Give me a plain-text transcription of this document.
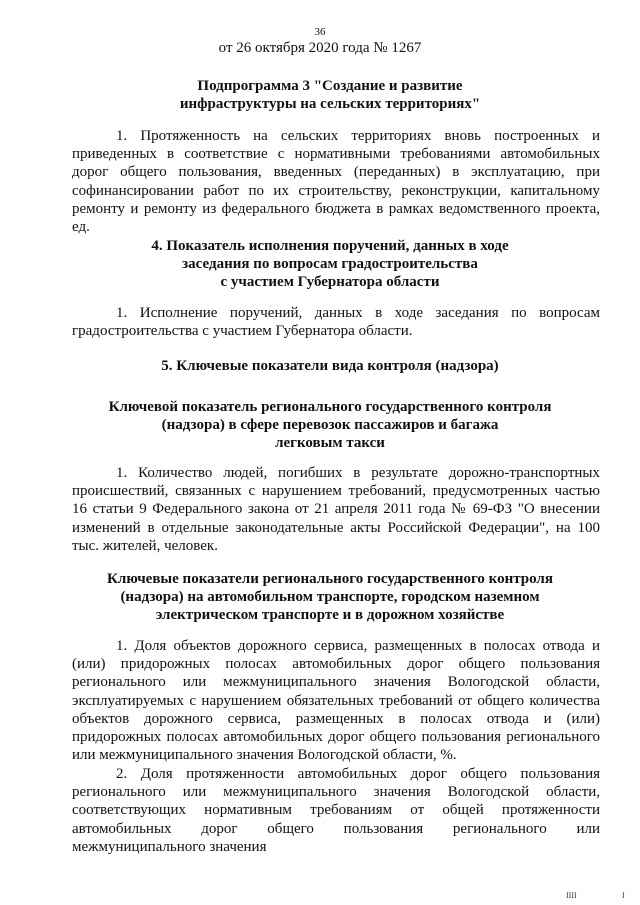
36
от 26 октября 2020 года № 1267
Подпрограмма 3 "Создание и развитие
инфраструктуры на сельских территориях"
1. Протяженность на сельских территориях вновь построенных и приведенных в соответствие с нормативными требованиями автомобильных дорог общего пользования, введенных (переданных) в эксплуатацию, при софинансировании работ по их строительству, реконструкции, капитальному ремонту и ремонту из федерального бюджета в рамках ведомственного проекта, ед.
4. Показатель исполнения поручений, данных в ходе
заседания по вопросам градостроительства
с участием Губернатора области
1. Исполнение поручений, данных в ходе заседания по вопросам градостроительства с участием Губернатора области.
5. Ключевые показатели вида контроля (надзора)
Ключевой показатель регионального государственного контроля
(надзора) в сфере перевозок пассажиров и багажа
легковым такси
1. Количество людей, погибших в результате дорожно-транспортных происшествий, связанных с нарушением требований, предусмотренных частью 16 статьи 9 Федерального закона от 21 апреля 2011 года № 69-ФЗ "О внесении изменений в отдельные законодательные акты Российской Федерации", на 100 тыс. жителей, человек.
Ключевые показатели регионального государственного контроля
(надзора) на автомобильном транспорте, городском наземном
электрическом транспорте и в дорожном хозяйстве
1. Доля объектов дорожного сервиса, размещенных в полосах отвода и (или) придорожных полосах автомобильных дорог общего пользования регионального или межмуниципального значения Вологодской области, эксплуатируемых с нарушением обязательных требований от общего количества объектов дорожного сервиса, размещенных в полосах отвода и (или) придорожных полосах автомобильных дорог общего пользования регионального или межмуниципального значения Вологодской области, %.
2. Доля протяженности автомобильных дорог общего пользования регионального или межмуниципального значения Вологодской области, соответствующих нормативным требованиям от общей протяженности автомобильных дорог общего пользования регионального или межмуниципального значения
IIII	I
